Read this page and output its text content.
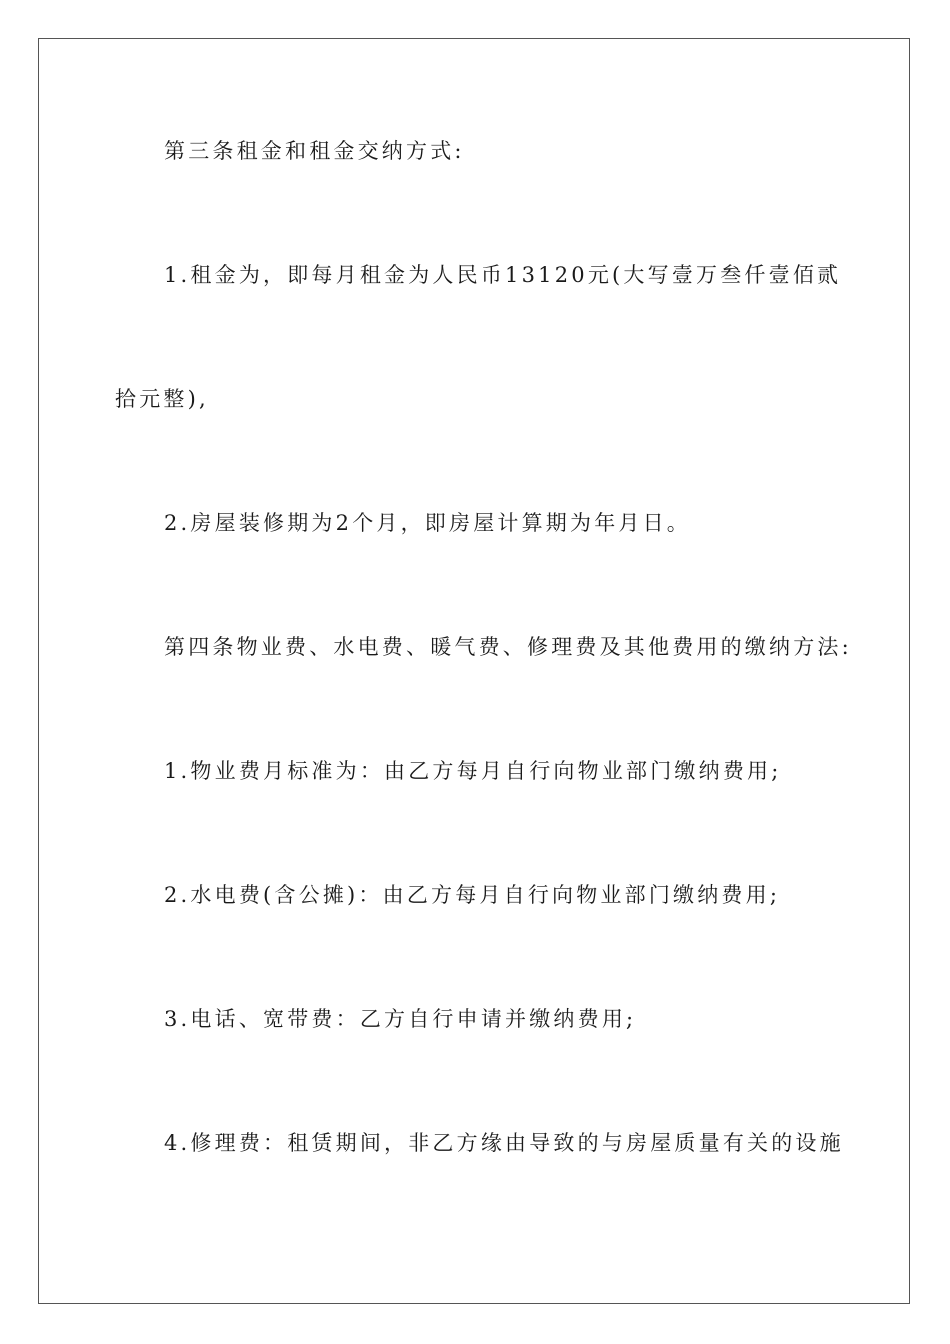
第三条租金和租金交纳方式:
1.租金为，即每月租金为人民币13120元(大写壹万叁仟壹佰贰
拾元整),
2.房屋装修期为2个月，即房屋计算期为年月日。
第四条物业费、水电费、暖气费、修理费及其他费用的缴纳方法:
1.物业费月标准为：由乙方每月自行向物业部门缴纳费用;
2.水电费(含公摊)：由乙方每月自行向物业部门缴纳费用;
3.电话、宽带费：乙方自行申请并缴纳费用;
4.修理费：租赁期间，非乙方缘由导致的与房屋质量有关的设施
